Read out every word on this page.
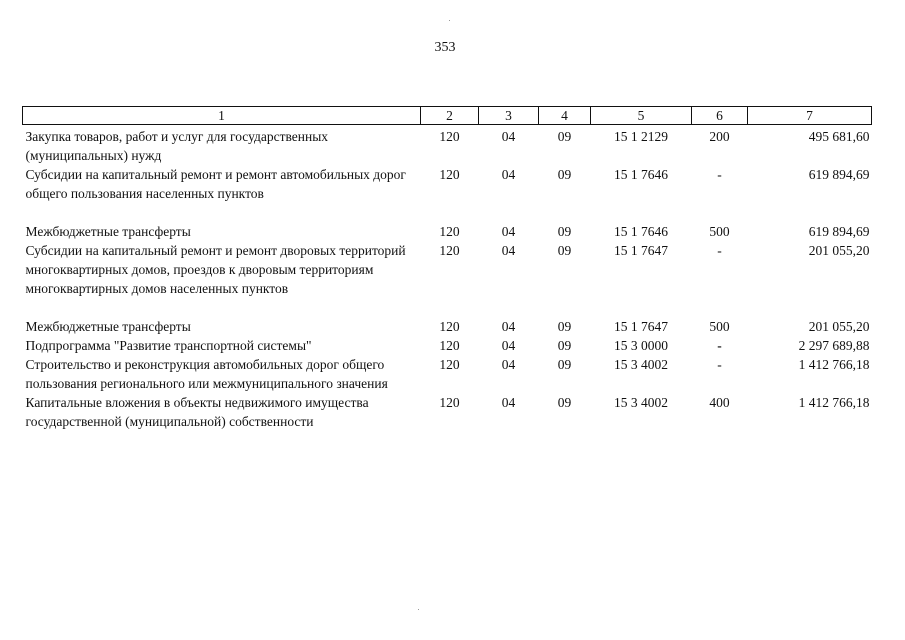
353
1	2	3	4	5	6	7
Закупка товаров, работ и услуг для государственных (муниципальных) нужд	120	04	09	15 1 2129	200	495 681,60
Субсидии на капитальный ремонт и ремонт автомобильных дорог общего пользования населенных пунктов	120	04	09	15 1 7646	-	619 894,69
Межбюджетные трансферты	120	04	09	15 1 7646	500	619 894,69
Субсидии на капитальный ремонт и ремонт дворовых территорий многоквартирных домов, проездов к дворовым территориям многоквартирных домов населенных пунктов	120	04	09	15 1 7647	-	201 055,20
Межбюджетные трансферты	120	04	09	15 1 7647	500	201 055,20
Подпрограмма "Развитие транспортной системы"	120	04	09	15 3 0000	-	2 297 689,88
Строительство и реконструкция автомобильных дорог общего пользования регионального или межмуниципального значения	120	04	09	15 3 4002	-	1 412 766,18
Капитальные вложения в объекты недвижимого имущества государственной (муниципальной) собственности	120	04	09	15 3 4002	400	1 412 766,18
